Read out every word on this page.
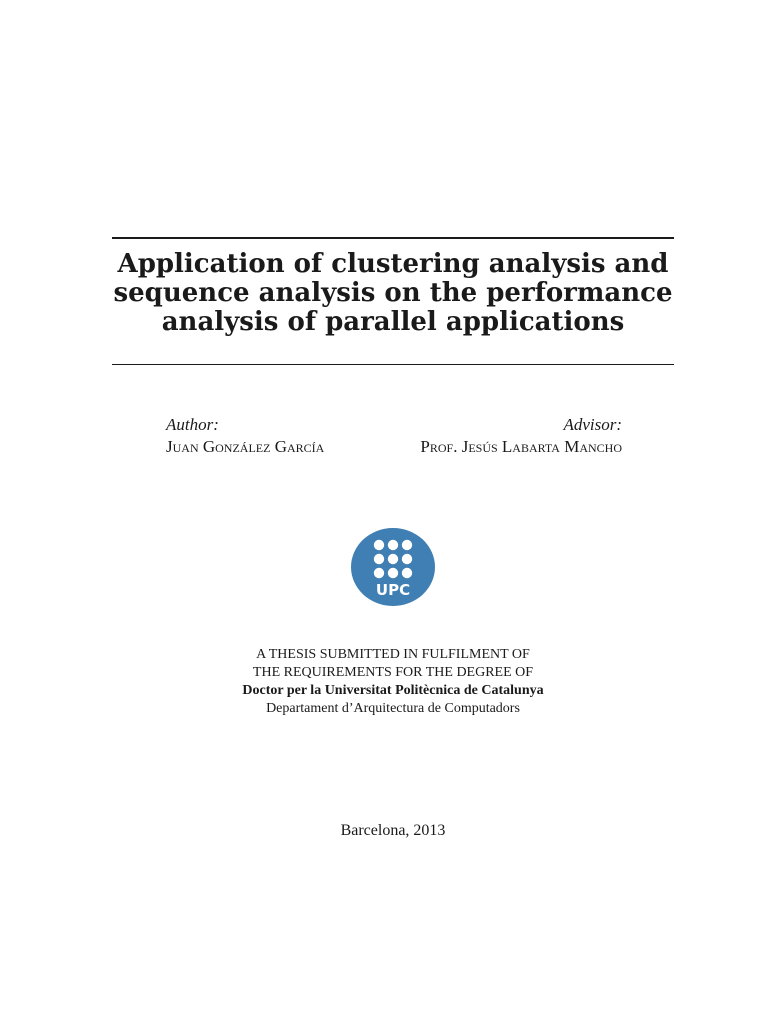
Application of clustering analysis and
sequence analysis on the performance
analysis of parallel applications
Author:
Juan González García
Advisor:
Prof. Jesús Labarta Mancho
UPC
A THESIS SUBMITTED IN FULFILMENT OF
THE REQUIREMENTS FOR THE DEGREE OF
Doctor per la Universitat Politècnica de Catalunya
Departament d’Arquitectura de Computadors
Barcelona, 2013
